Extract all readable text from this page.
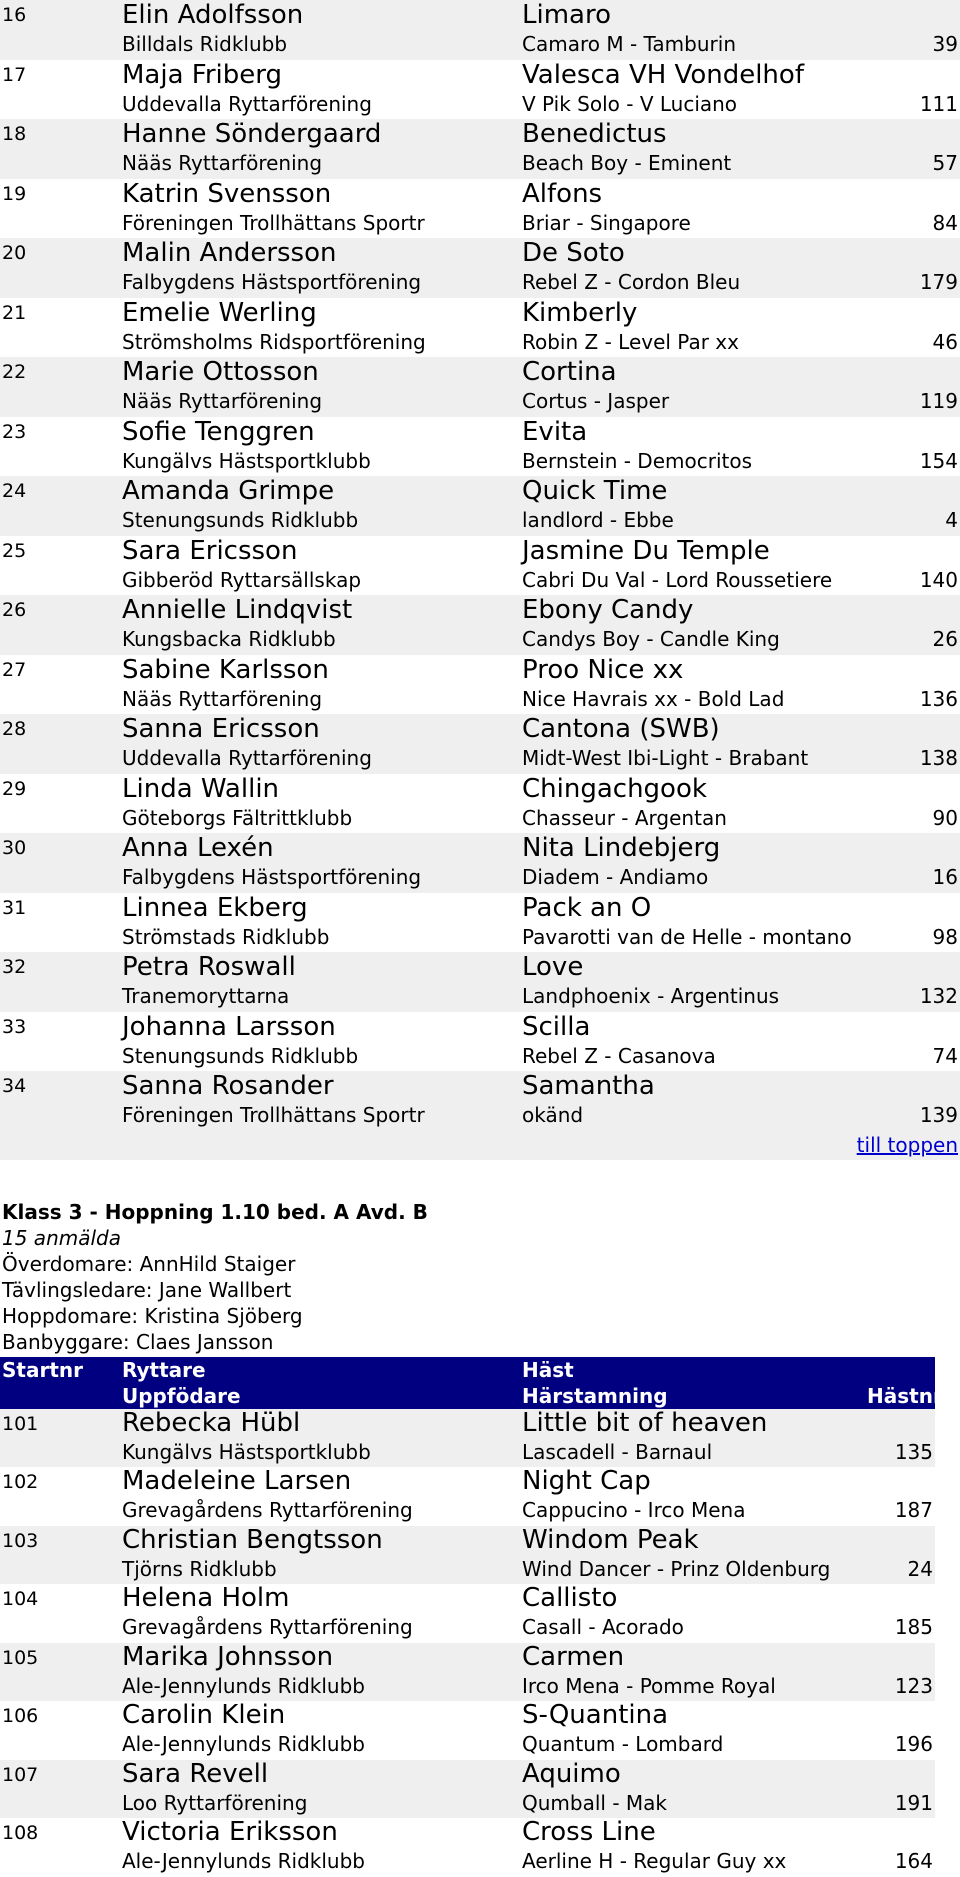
16	Elin Adolfsson	Limaro	
	Billdals Ridklubb	Camaro M - Tamburin	39
17	Maja Friberg	Valesca VH Vondelhof	
	Uddevalla Ryttarförening	V Pik Solo - V Luciano	111
18	Hanne Söndergaard	Benedictus	
	Nääs Ryttarförening	Beach Boy - Eminent	57
19	Katrin Svensson	Alfons	
	Föreningen Trollhättans Sportr	Briar - Singapore	84
20	Malin Andersson	De Soto	
	Falbygdens Hästsportförening	Rebel Z - Cordon Bleu	179
21	Emelie Werling	Kimberly	
	Strömsholms Ridsportförening	Robin Z - Level Par xx	46
22	Marie Ottosson	Cortina	
	Nääs Ryttarförening	Cortus - Jasper	119
23	Sofie Tenggren	Evita	
	Kungälvs Hästsportklubb	Bernstein - Democritos	154
24	Amanda Grimpe	Quick Time	
	Stenungsunds Ridklubb	landlord - Ebbe	4
25	Sara Ericsson	Jasmine Du Temple	
	Gibberöd Ryttarsällskap	Cabri Du Val - Lord Roussetiere	140
26	Annielle Lindqvist	Ebony Candy	
	Kungsbacka Ridklubb	Candys Boy - Candle King	26
27	Sabine Karlsson	Proo Nice xx	
	Nääs Ryttarförening	Nice Havrais xx - Bold Lad	136
28	Sanna Ericsson	Cantona (SWB)	
	Uddevalla Ryttarförening	Midt-West Ibi-Light - Brabant	138
29	Linda Wallin	Chingachgook	
	Göteborgs Fältrittklubb	Chasseur - Argentan	90
30	Anna Lexén	Nita Lindebjerg	
	Falbygdens Hästsportförening	Diadem - Andiamo	16
31	Linnea Ekberg	Pack an O	
	Strömstads Ridklubb	Pavarotti van de Helle - montano	98
32	Petra Roswall	Love	
	Tranemoryttarna	Landphoenix - Argentinus	132
33	Johanna Larsson	Scilla	
	Stenungsunds Ridklubb	Rebel Z - Casanova	74
34	Sanna Rosander	Samantha	
	Föreningen Trollhättans Sportr	okänd	139
till toppen
Klass 3 - Hoppning 1.10 bed. A Avd. B
15 anmälda
Överdomare: AnnHild Staiger
Tävlingsledare: Jane Wallbert
Hoppdomare: Kristina Sjöberg
Banbyggare: Claes Jansson
Startnr	Ryttare	Häst	
	Uppfödare	Härstamning	Hästnr
101	Rebecka Hübl	Little bit of heaven	
	Kungälvs Hästsportklubb	Lascadell - Barnaul	135
102	Madeleine Larsen	Night Cap	
	Grevagårdens Ryttarförening	Cappucino - Irco Mena	187
103	Christian Bengtsson	Windom Peak	
	Tjörns Ridklubb	Wind Dancer - Prinz Oldenburg	24
104	Helena Holm	Callisto	
	Grevagårdens Ryttarförening	Casall - Acorado	185
105	Marika Johnsson	Carmen	
	Ale-Jennylunds Ridklubb	Irco Mena - Pomme Royal	123
106	Carolin Klein	S-Quantina	
	Ale-Jennylunds Ridklubb	Quantum - Lombard	196
107	Sara Revell	Aquimo	
	Loo Ryttarförening	Qumball - Mak	191
108	Victoria Eriksson	Cross Line	
	Ale-Jennylunds Ridklubb	Aerline H - Regular Guy xx	164
